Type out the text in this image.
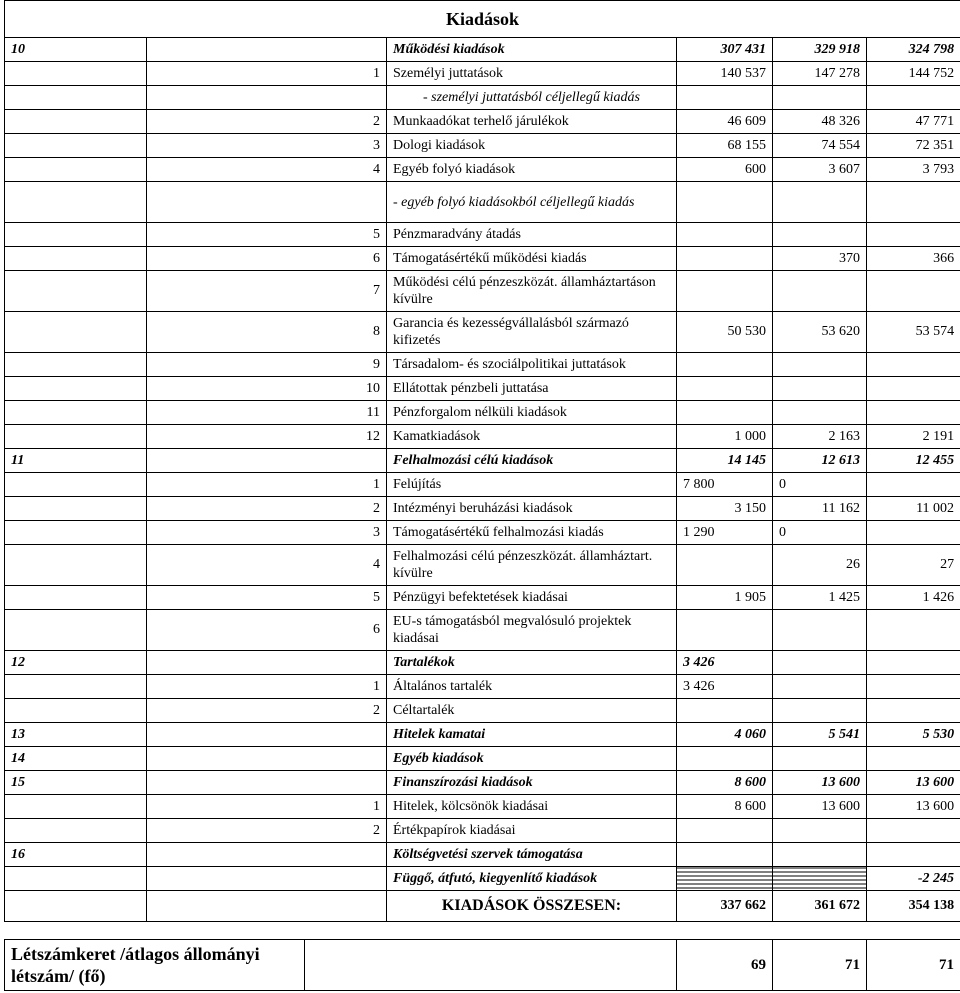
Kiadások					
10		Működési kiadások	307 431	329 918	324 798
	1	Személyi juttatások	140 537	147 278	144 752
		- személyi juttatásból céljellegű kiadás			
	2	Munkaadókat terhelő járulékok	46 609	48 326	47 771
	3	Dologi kiadások	68 155	74 554	72 351
	4	Egyéb folyó kiadások	600	3 607	3 793
		- egyéb folyó kiadásokból céljellegű kiadás			
	5	Pénzmaradvány átadás			
	6	Támogatásértékű működési kiadás		370	366
	7	Működési célú pénzeszközát. államháztartáson kívülre			
	8	Garancia és kezességvállalásból származó kifizetés	50 530	53 620	53 574
	9	Társadalom- és szociálpolitikai juttatások			
	10	Ellátottak pénzbeli juttatása			
	11	Pénzforgalom nélküli kiadások			
	12	Kamatkiadások	1 000	2 163	2 191
11		Felhalmozási célú kiadások	14 145	12 613	12 455
	1	Felújítás	7 800	0	
	2	Intézményi beruházási kiadások	3 150	11 162	11 002
	3	Támogatásértékű felhalmozási kiadás	1 290	0	
	4	Felhalmozási célú pénzeszközát. államháztart. kívülre		26	27
	5	Pénzügyi befektetések kiadásai	1 905	1 425	1 426
	6	EU-s támogatásból megvalósuló projektek kiadásai			
12		Tartalékok	3 426		
	1	Általános tartalék	3 426		
	2	Céltartalék			
13		Hitelek kamatai	4 060	5 541	5 530
14		Egyéb kiadások			
15		Finanszírozási kiadások	8 600	13 600	13 600
	1	Hitelek, kölcsönök kiadásai	8 600	13 600	13 600
	2	Értékpapírok kiadásai			
16		Költségvetési szervek támogatása			
		Függő, átfutó, kiegyenlítő kiadások			-2 245
		KIADÁSOK ÖSSZESEN:	337 662	361 672	354 138
Létszámkeret /átlagos állományi létszám/ (fő)		69	71	71
